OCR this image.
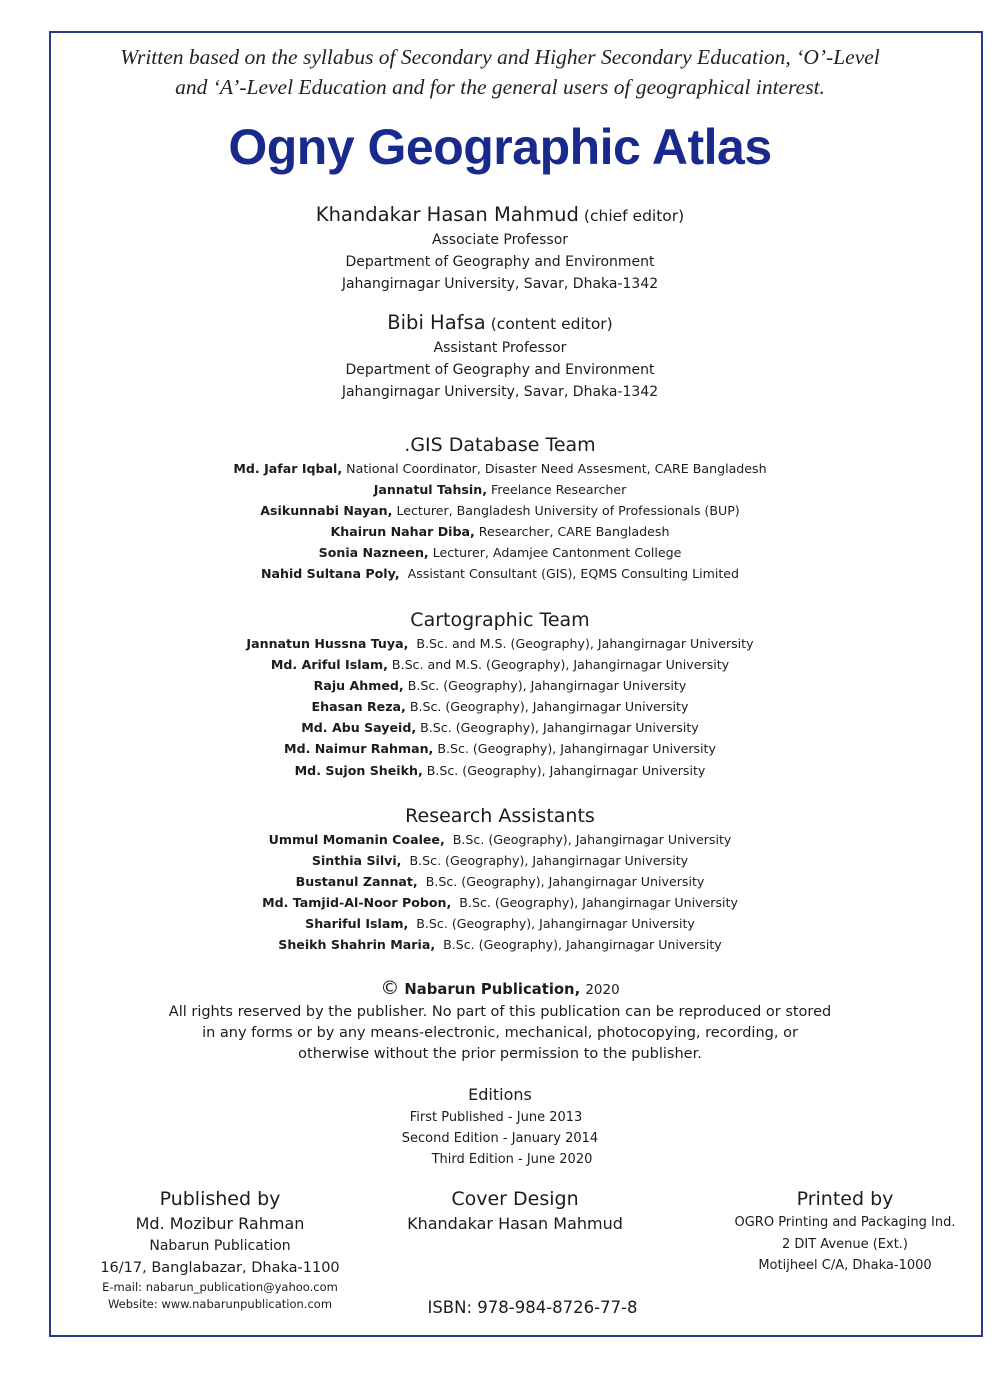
Written based on the syllabus of Secondary and Higher Secondary Education, ‘O’-Level
and ‘A’-Level Education and for the general users of geographical interest.
Ogny Geographic Atlas
Khandakar Hasan Mahmud (chief editor)
Associate Professor
Department of Geography and Environment
Jahangirnagar University, Savar, Dhaka-1342
Bibi Hafsa (content editor)
Assistant Professor
Department of Geography and Environment
Jahangirnagar University, Savar, Dhaka-1342
.GIS Database Team
Md. Jafar Iqbal, National Coordinator, Disaster Need Assesment, CARE Bangladesh
Jannatul Tahsin, Freelance Researcher
Asikunnabi Nayan, Lecturer, Bangladesh University of Professionals (BUP)
Khairun Nahar Diba, Researcher, CARE Bangladesh
Sonia Nazneen, Lecturer, Adamjee Cantonment College
Nahid Sultana Poly,  Assistant Consultant (GIS), EQMS Consulting Limited
Cartographic Team
Jannatun Hussna Tuya,  B.Sc. and M.S. (Geography), Jahangirnagar University
Md. Ariful Islam, B.Sc. and M.S. (Geography), Jahangirnagar University
Raju Ahmed, B.Sc. (Geography), Jahangirnagar University
Ehasan Reza, B.Sc. (Geography), Jahangirnagar University
Md. Abu Sayeid, B.Sc. (Geography), Jahangirnagar University
Md. Naimur Rahman, B.Sc. (Geography), Jahangirnagar University
Md. Sujon Sheikh, B.Sc. (Geography), Jahangirnagar University
Research Assistants
Ummul Momanin Coalee,  B.Sc. (Geography), Jahangirnagar University
Sinthia Silvi,  B.Sc. (Geography), Jahangirnagar University
Bustanul Zannat,  B.Sc. (Geography), Jahangirnagar University
Md. Tamjid-Al-Noor Pobon,  B.Sc. (Geography), Jahangirnagar University
Shariful Islam,  B.Sc. (Geography), Jahangirnagar University
Sheikh Shahrin Maria,  B.Sc. (Geography), Jahangirnagar University
© Nabarun Publication, 2020
All rights reserved by the publisher. No part of this publication can be reproduced or stored
in any forms or by any means-electronic, mechanical, photocopying, recording, or
otherwise without the prior permission to the publisher.
Editions
First Published - June 2013
Second Edition - January 2014
Third Edition - June 2020
Published by
Md. Mozibur Rahman
Nabarun Publication
16/17, Banglabazar, Dhaka-1100
E-mail: nabarun_publication@yahoo.com
Website: www.nabarunpublication.com
Cover Design
Khandakar Hasan Mahmud
Printed by
OGRO Printing and Packaging Ind.
2 DIT Avenue (Ext.)
Motijheel C/A, Dhaka-1000
ISBN: 978-984-8726-77-8
